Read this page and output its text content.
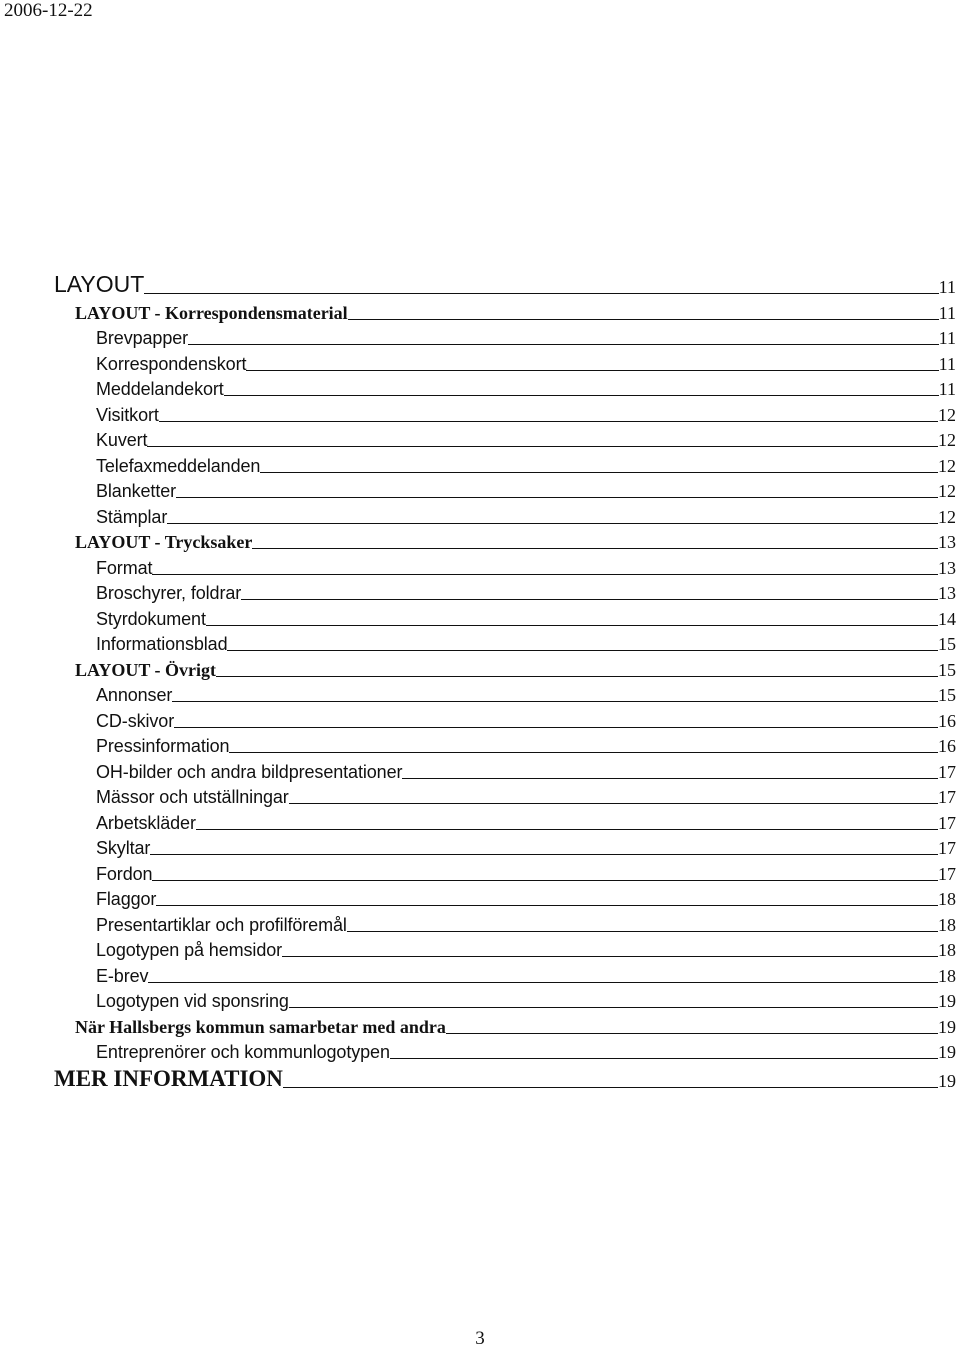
2006-12-22
LAYOUT	11
LAYOUT - Korrespondensmaterial	11
Brevpapper	11
Korrespondenskort	11
Meddelandekort	11
Visitkort	12
Kuvert	12
Telefaxmeddelanden	12
Blanketter	12
Stämplar	12
LAYOUT - Trycksaker	13
Format	13
Broschyrer, foldrar	13
Styrdokument	14
Informationsblad	15
LAYOUT - Övrigt	15
Annonser	15
CD-skivor	16
Pressinformation	16
OH-bilder och andra bildpresentationer	17
Mässor och utställningar	17
Arbetskläder	17
Skyltar	17
Fordon	17
Flaggor	18
Presentartiklar och profilföremål	18
Logotypen på hemsidor	18
E-brev	18
Logotypen vid sponsring	19
När Hallsbergs kommun samarbetar med andra	19
Entreprenörer och kommunlogotypen	19
MER INFORMATION	19
3
